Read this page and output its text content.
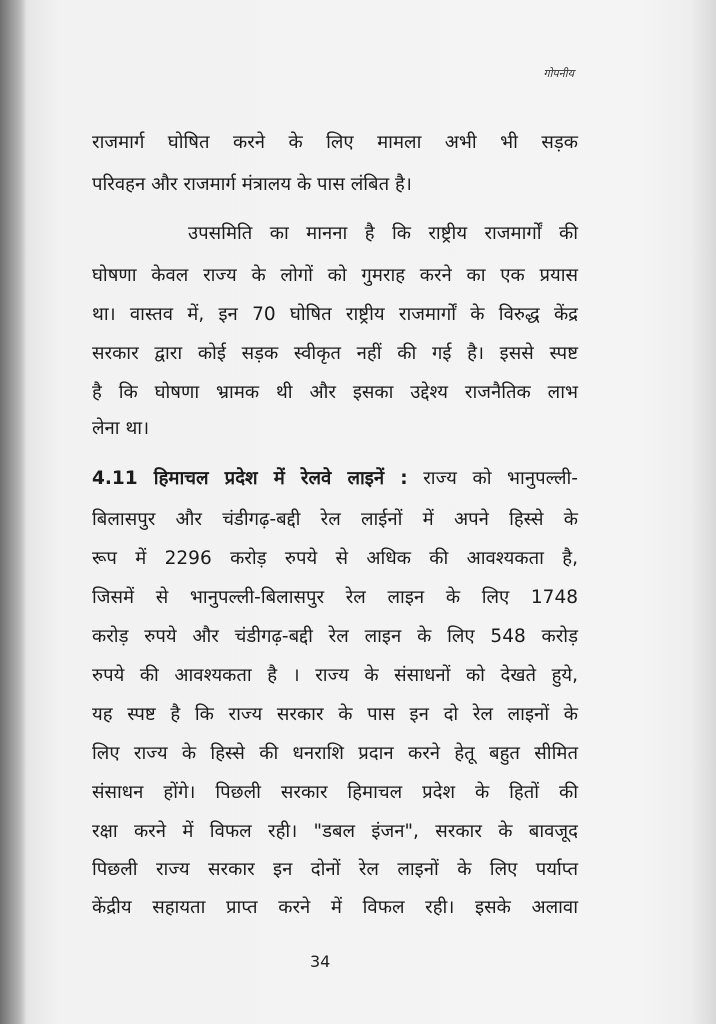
गोपनीय
राजमार्ग घोषित करने के लिए मामला अभी भी सड़क
परिवहन और राजमार्ग मंत्रालय के पास लंबित है।
उपसमिति का मानना है कि राष्ट्रीय राजमार्गों की
घोषणा केवल राज्य के लोगों को गुमराह करने का एक प्रयास
था। वास्तव में, इन 70 घोषित राष्ट्रीय राजमार्गों के विरुद्ध केंद्र
सरकार द्वारा कोई सड़क स्वीकृत नहीं की गई है। इससे स्पष्ट
है कि घोषणा भ्रामक थी और इसका उद्देश्य राजनैतिक लाभ
लेना था।
4.11 हिमाचल प्रदेश में रेलवे लाइनें : राज्य को भानुपल्ली-
बिलासपुर और चंडीगढ़-बद्दी रेल लाईनों में अपने हिस्से के
रूप में 2296 करोड़ रुपये से अधिक की आवश्यकता है,
जिसमें से भानुपल्ली-बिलासपुर रेल लाइन के लिए 1748
करोड़ रुपये और चंडीगढ़-बद्दी रेल लाइन के लिए 548 करोड़
रुपये की आवश्यकता है । राज्य के संसाधनों को देखते हुये,
यह स्पष्ट है कि राज्य सरकार के पास इन दो रेल लाइनों के
लिए राज्य के हिस्से की धनराशि प्रदान करने हेतू बहुत सीमित
संसाधन होंगे। पिछली सरकार हिमाचल प्रदेश के हितों की
रक्षा करने में विफल रही। "डबल इंजन", सरकार के बावजूद
पिछली राज्य सरकार इन दोनों रेल लाइनों के लिए पर्याप्त
केंद्रीय सहायता प्राप्त करने में विफल रही। इसके अलावा
34
